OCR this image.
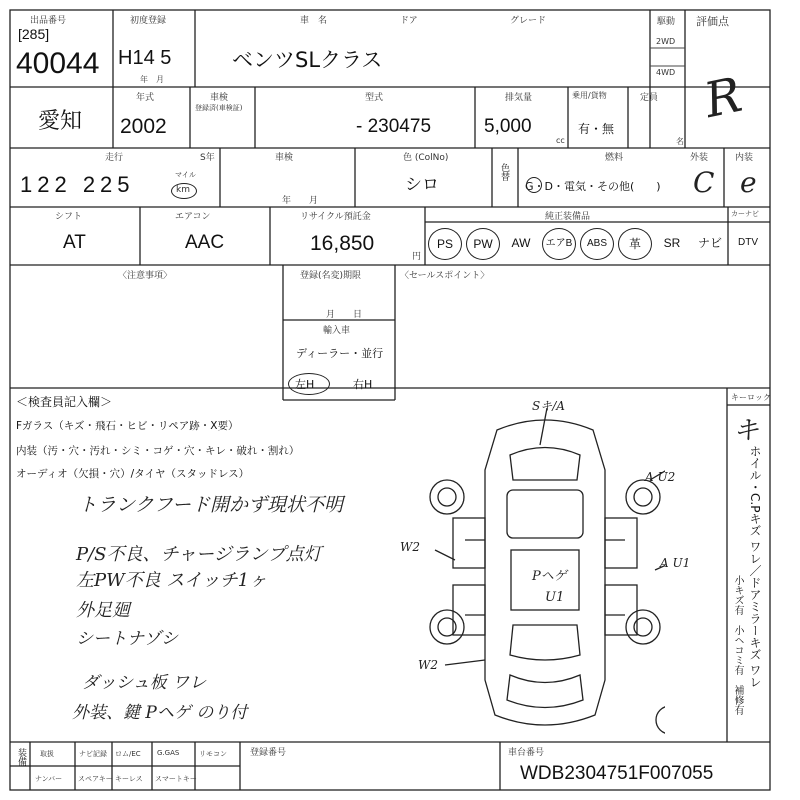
出品番号
[285]
40044
初度登録
H14 5
年　月
車　名	ドア	グレード
ベンツSLクラス
駆動
2WD
4WD
評価点
R
愛知
年式
2002
車検
登録済(車検証)
型式
- 230475
排気量
5,000
cc
乗用/貨物
有・無
定員
名
走行	S年
122 225	マイル
km
車検
年　　月
色 (ColNo)
シロ
色替
燃料
G・D・電気・その他(　　)
外装	内装
C e
シフト
AT
エアコン
AAC
リサイクル預託金
16,850
円
純正装備品	カーナビ
PS	PW	AW	エアB	ABS	革	SR	ナビ	DTV
〈注意事項〉	登録(名変)期限
月　　日
輸入車
ディーラー・並行
左H	右H
〈セールスポイント〉
＜検査員記入欄＞
Fガラス（キズ・飛石・ヒビ・リペア跡・X要）
内装（汚・穴・汚れ・シミ・コゲ・穴・キレ・破れ・割れ）
オーディオ（欠損・穴）/タイヤ（スタッドレス）
トランクフード開かず現状不明
P/S不良、チャージランプ点灯
左PW不良 スイッチ1ヶ
外足廻
シートナゾシ
ダッシュ板 ワレ
外装、鍵 Pヘゲ のり付
Sキ/A
A U2
W2
A U1
W2
Pヘゲ
U1
キーロック
キ
ホイル・C.Pキズ ワレ／ドアミラーキズ ワレ
小キズ有　小ヘコミ有　補修有
装備 取扱	ナビ記録 ロム/EC G.GAS	リモコン
ナンバー スペアキー キーレス スマートキー
登録番号	車台番号
WDB2304751F007055
